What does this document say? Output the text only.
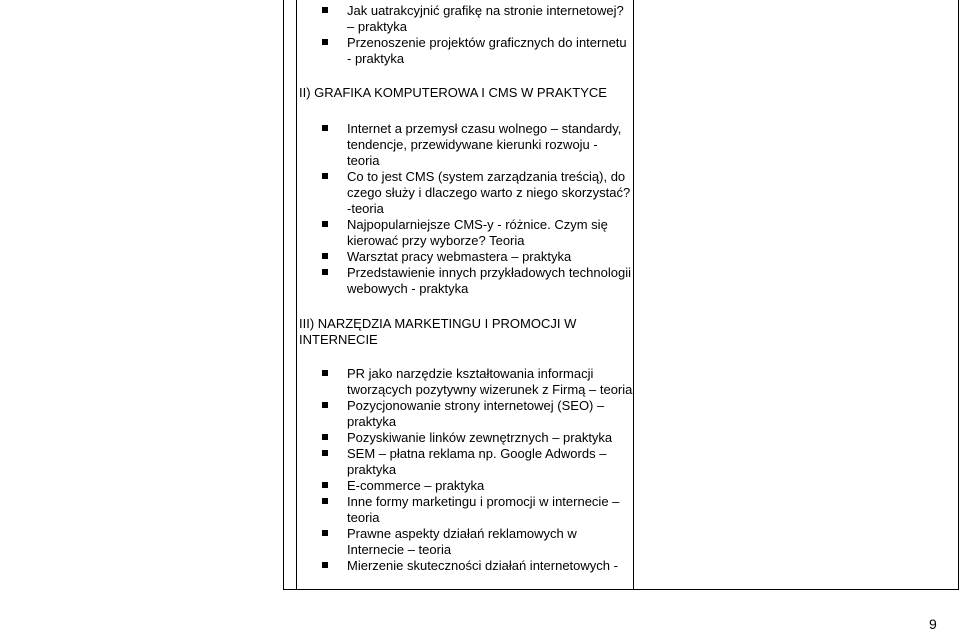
Jak uatrakcyjnić grafikę na stronie internetowej? – praktyka
Przenoszenie projektów graficznych do internetu - praktyka
II) GRAFIKA KOMPUTEROWA I CMS W PRAKTYCE
Internet a przemysł czasu wolnego – standardy, tendencje, przewidywane kierunki rozwoju - teoria
Co to jest CMS (system zarządzania treścią), do czego służy i dlaczego warto z niego skorzystać? -teoria
Najpopularniejsze CMS-y - różnice. Czym się kierować przy wyborze? Teoria
Warsztat pracy webmastera – praktyka
Przedstawienie innych przykładowych technologii webowych - praktyka
III) NARZĘDZIA MARKETINGU I PROMOCJI W INTERNECIE
PR jako narzędzie kształtowania informacji tworzących pozytywny wizerunek z Firmą – teoria
Pozycjonowanie strony internetowej (SEO) – praktyka
Pozyskiwanie linków zewnętrznych – praktyka
SEM – płatna reklama np. Google Adwords – praktyka
E-commerce – praktyka
Inne formy marketingu i promocji w internecie – teoria
Prawne aspekty działań reklamowych w Internecie – teoria
Mierzenie skuteczności działań internetowych -
9
